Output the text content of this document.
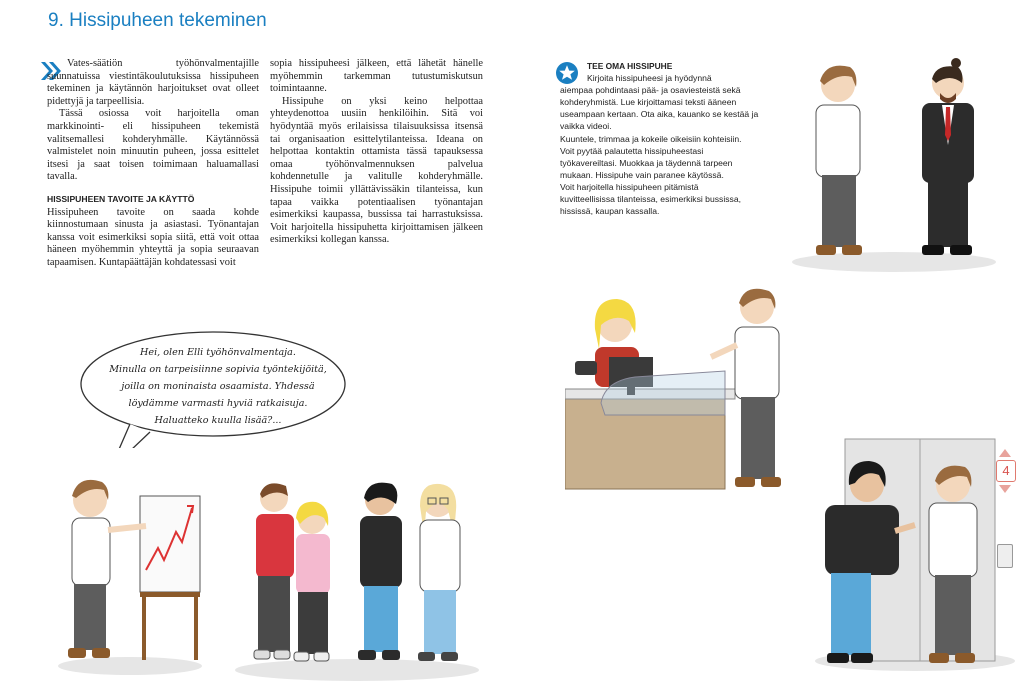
9. Hissipuheen tekeminen

Vates-säätiön työhönvalmentajille suunnatuissa viestintäkoulutuksissa hissipuheen tekeminen ja käytännön harjoitukset ovat olleet pidettyjä ja tarpeellisia.

Tässä osiossa voit harjoitella oman markkinointi- eli hissipuheen tekemistä valitsemallesi kohderyhmälle. Käytännössä valmistelet noin minuutin puheen, jossa esittelet itsesi ja saat toisen toimimaan haluamallasi tavalla.

HISSIPUHEEN TAVOITE JA KÄYTTÖ

Hissipuheen tavoite on saada kohde kiinnostumaan sinusta ja asiastasi. Työnantajan kanssa voit esimerkiksi sopia siitä, että voit ottaa häneen myöhemmin yhteyttä ja sopia seuraavan tapaamisen. Kuntapäättäjän kohdatessasi voit

sopia hissipuheesi jälkeen, että lähetät hänelle myöhemmin tarkemman tutustumiskutsun toimintaanne.

Hissipuhe on yksi keino helpottaa yhteydenottoa uusiin henkilöihin. Sitä voi hyödyntää myös erilaisissa tilaisuuksissa itsensä tai organisaation esittelytilanteissa. Ideana on helpottaa kontaktin ottamista tässä tapauksessa omaa työhönvalmennuksen palvelua kohdennetulle ja valitulle kohderyhmälle. Hissipuhe toimii yllättävissäkin tilanteissa, kun tapaa vaikka potentiaalisen työnantajan esimerkiksi kaupassa, bussissa tai harrastuksissa. Voit harjoitella hissipuhetta kirjoittamisen jälkeen esimerkiksi kollegan kanssa.

TEE OMA HISSIPUHE
Kirjoita hissipuheesi ja hyödynnä
aiempaa pohdintaasi pää- ja osaviesteistä sekä
kohderyhmistä. Lue kirjoittamasi teksti ääneen
useampaan kertaan. Ota aika, kauanko se kestää ja
vaikka videoi.
Kuuntele, trimmaa ja kokeile oikeisiin kohteisiin.
Voit pyytää palautetta hissipuheestasi
työkavereiltasi. Muokkaa ja täydennä tarpeen
mukaan. Hissipuhe vain paranee käytössä.
Voit harjoitella hissipuheen pitämistä
kuvitteellisissa tilanteissa, esimerkiksi bussissa,
hississä, kaupan kassalla.
Hei, olen Elli työhönvalmentaja.
Minulla on tarpeisiinne sopivia työntekijöitä,
joilla on moninaista osaamista. Yhdessä
löydämme varmasti hyviä ratkaisuja.
Haluatteko kuulla lisää?...
4
